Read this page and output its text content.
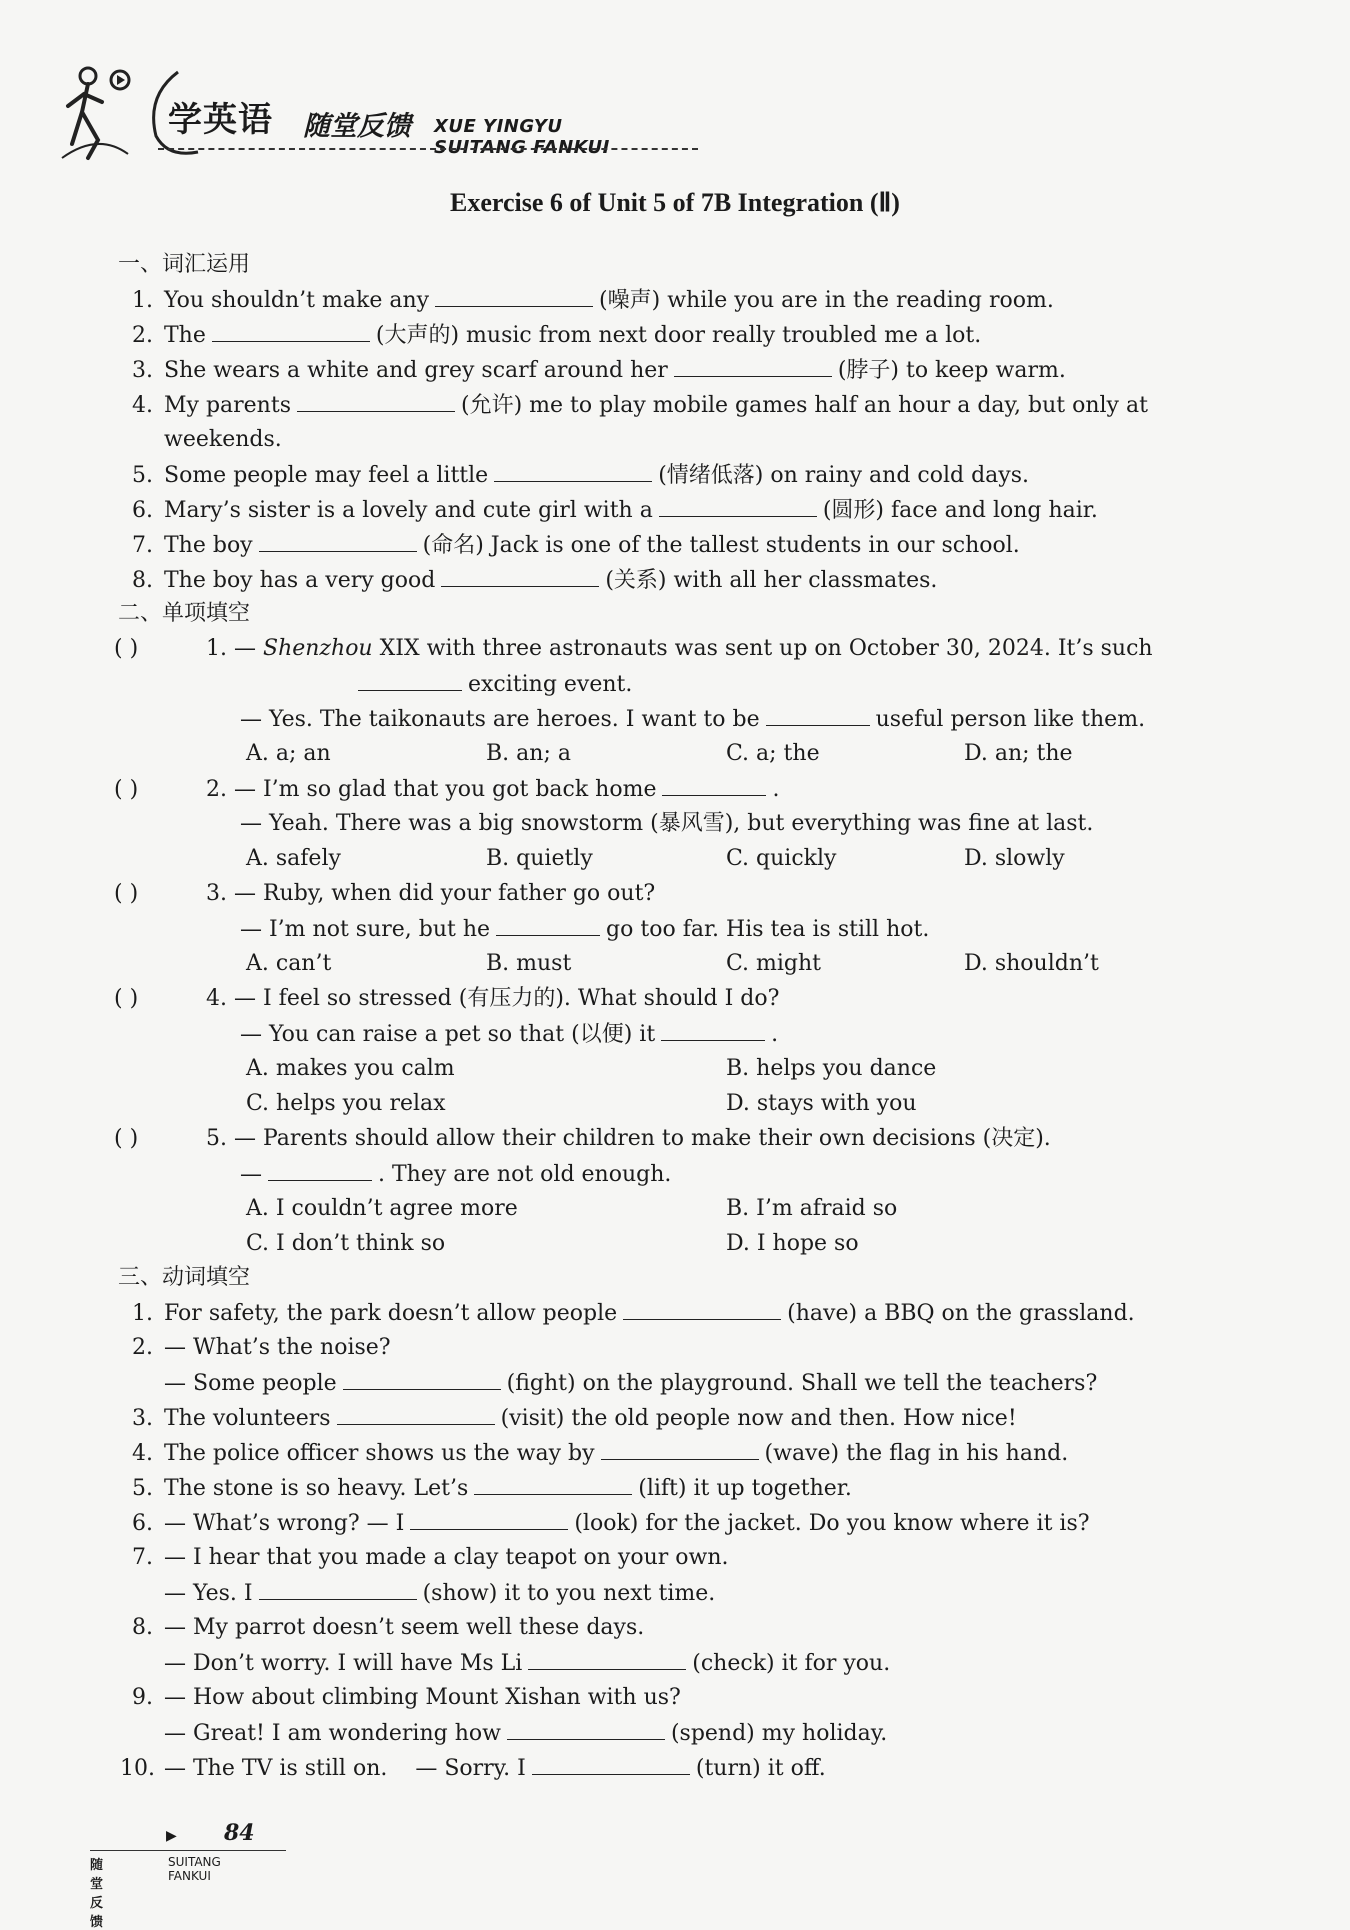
学英语 随堂反馈 XUE YINGYU SUITANG FANKUI
Exercise 6 of Unit 5 of 7B Integration (Ⅱ)
一、词汇运用
1. You shouldn’t make any	(噪声) while you are in the reading room.
2. The	(大声的) music from next door really troubled me a lot.
3. She wears a white and grey scarf around her	(脖子) to keep warm.
4. My parents	(允许) me to play mobile games half an hour a day, but only at
weekends.
5. Some people may feel a little	(情绪低落) on rainy and cold days.
6. Mary’s sister is a lovely and cute girl with a	(圆形) face and long hair.
7. The boy	(命名) Jack is one of the tallest students in our school.
8. The boy has a very good	(关系) with all her classmates.
二、单项填空
( )	1. — Shenzhou XIX with three astronauts was sent up on October 30, 2024. It’s such
exciting event.
— Yes. The taikonauts are heroes. I want to be	useful person like them.
A. a; an	B. an; a	C. a; the	D. an; the
( )	2. — I’m so glad that you got back home	.
— Yeah. There was a big snowstorm (暴风雪), but everything was fine at last.
A. safely	B. quietly	C. quickly	D. slowly
( )	3. — Ruby, when did your father go out?
— I’m not sure, but he	go too far. His tea is still hot.
A. can’t	B. must	C. might	D. shouldn’t
( )	4. — I feel so stressed (有压力的). What should I do?
— You can raise a pet so that (以便) it	.
A. makes you calm	B. helps you dance
C. helps you relax	D. stays with you
( )	5. — Parents should allow their children to make their own decisions (决定).
—	. They are not old enough.
A. I couldn’t agree more	B. I’m afraid so
C. I don’t think so	D. I hope so
三、动词填空
1. For safety, the park doesn’t allow people	(have) a BBQ on the grassland.
2. — What’s the noise?
— Some people	(fight) on the playground. Shall we tell the teachers?
3. The volunteers	(visit) the old people now and then. How nice!
4. The police officer shows us the way by	(wave) the flag in his hand.
5. The stone is so heavy. Let’s	(lift) it up together.
6. — What’s wrong? — I	(look) for the jacket. Do you know where it is?
7. — I hear that you made a clay teapot on your own.
— Yes. I	(show) it to you next time.
8. — My parrot doesn’t seem well these days.
— Don’t worry. I will have Ms Li	(check) it for you.
9. — How about climbing Mount Xishan with us?
— Great! I am wondering how	(spend) my holiday.
10. — The TV is still on.    — Sorry. I	(turn) it off.
▶ 84
随堂反馈
SUITANG FANKUI
